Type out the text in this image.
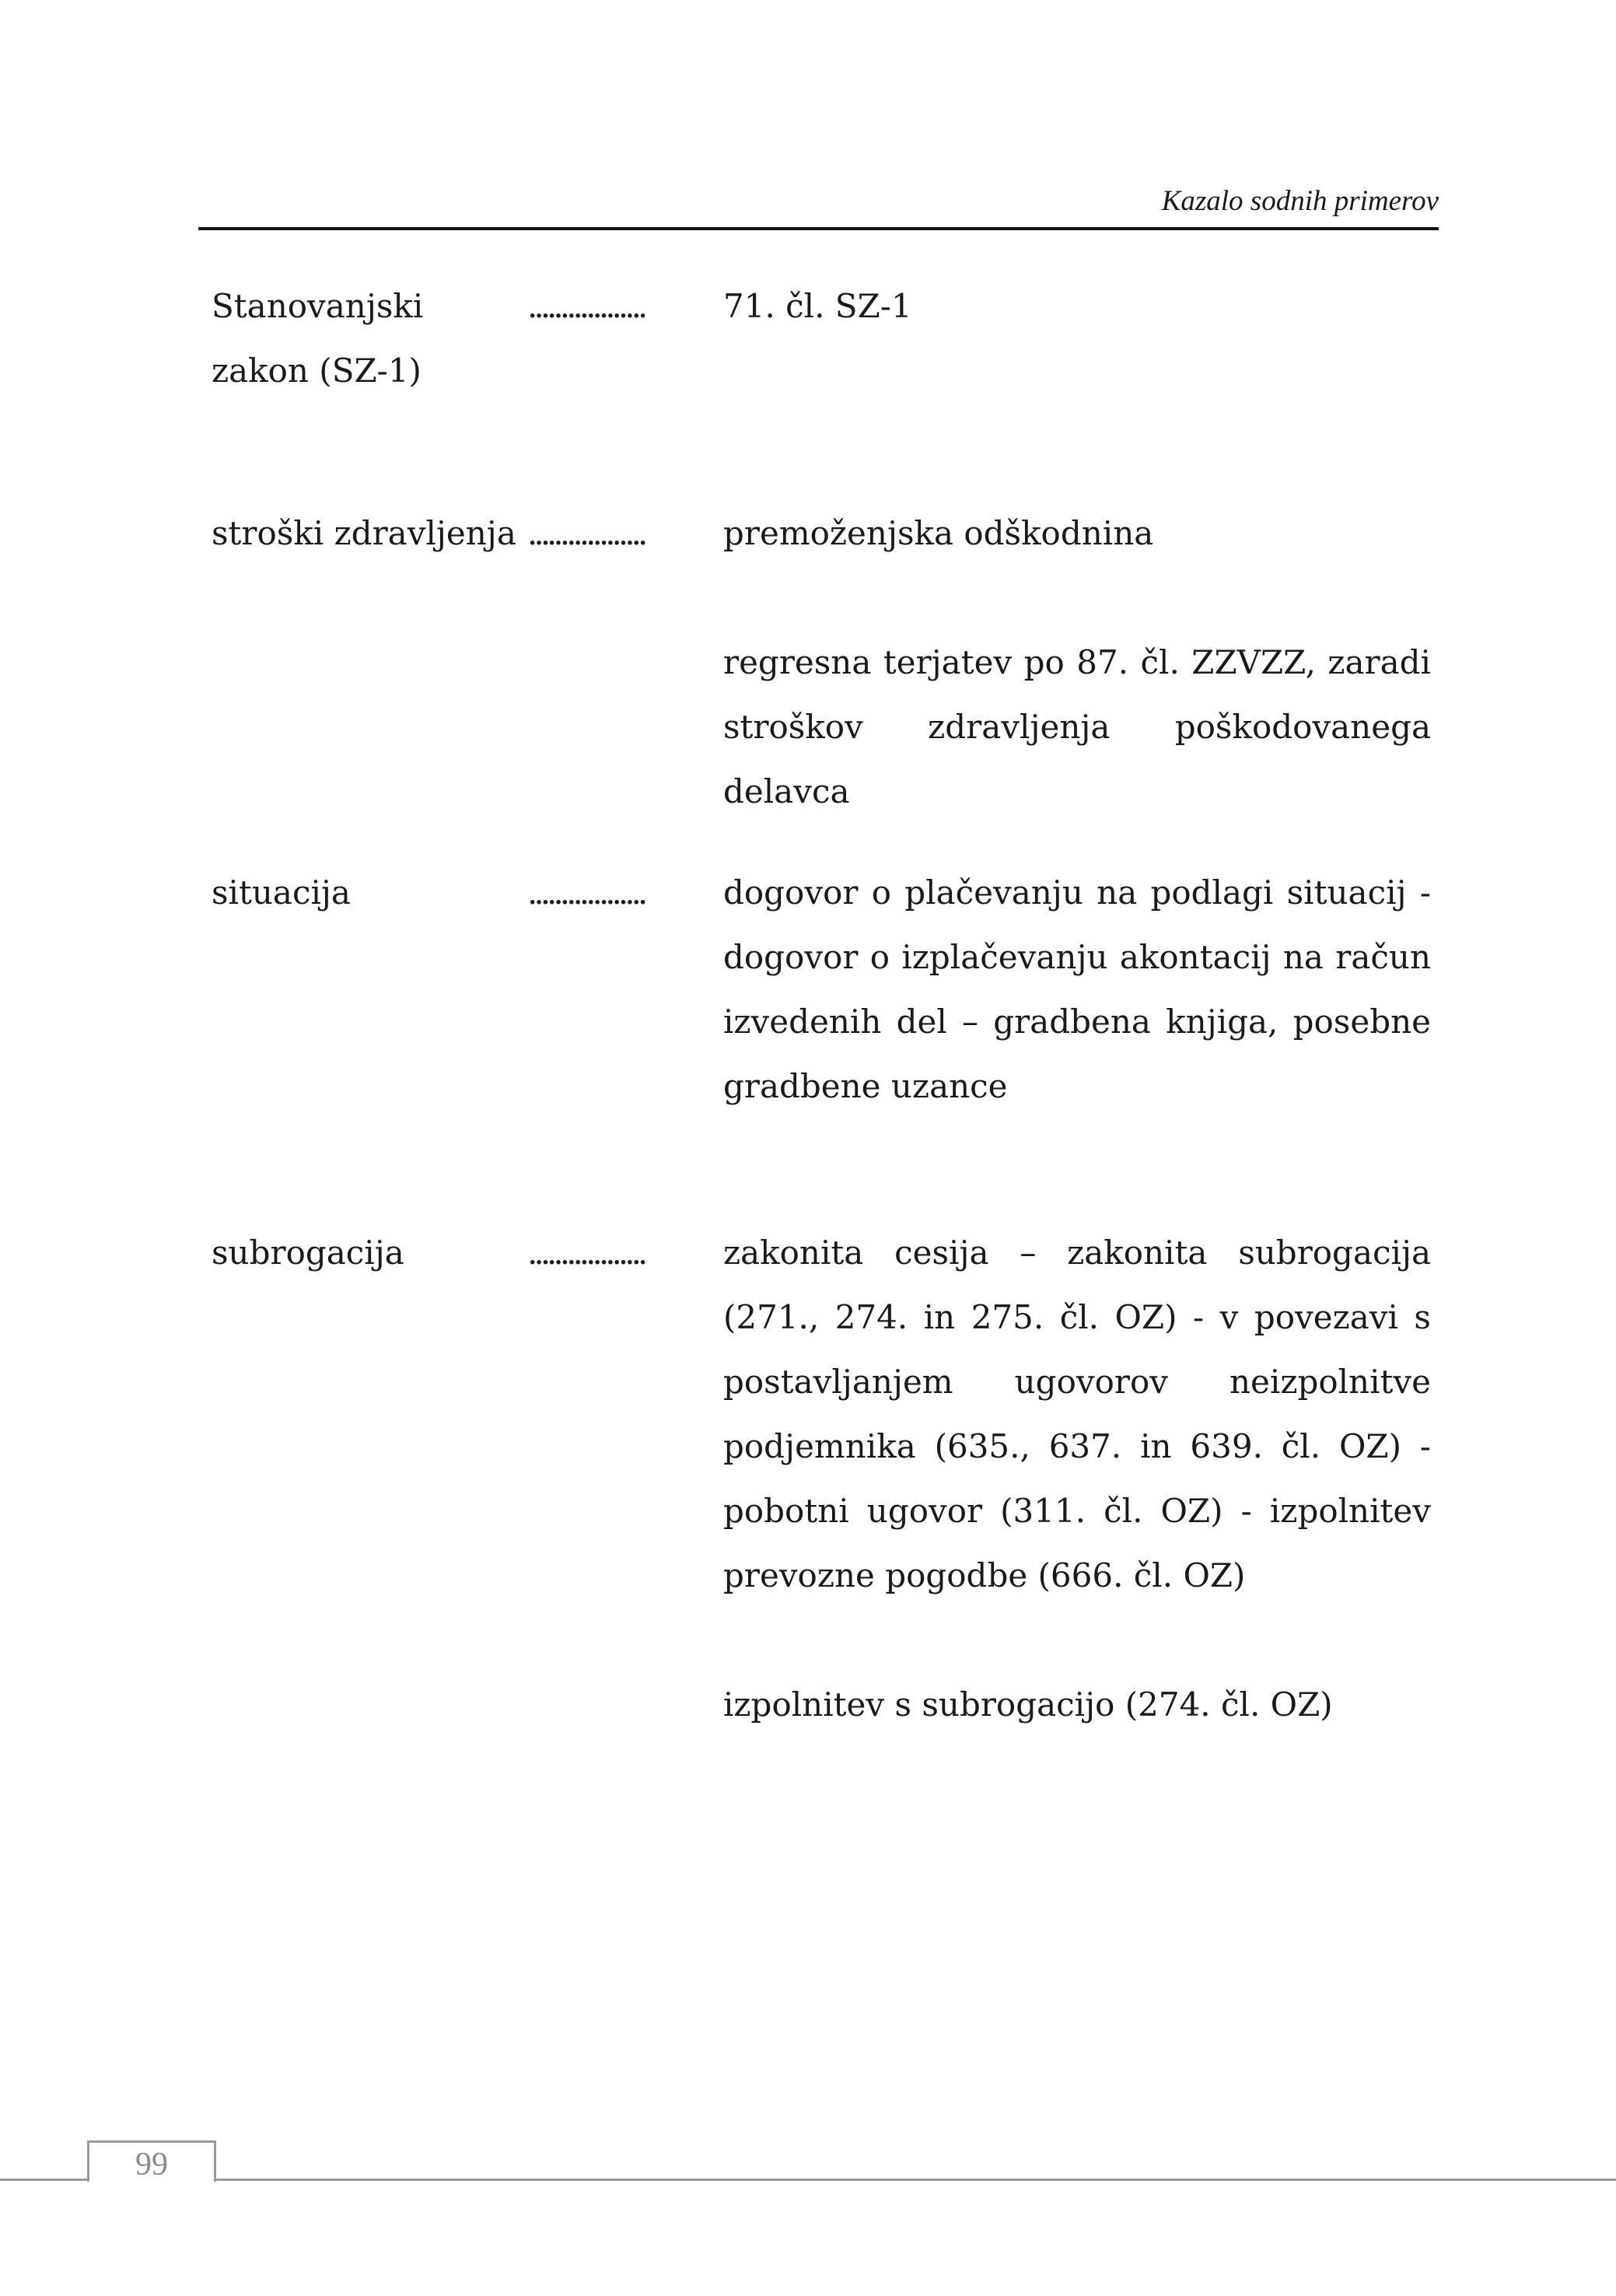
Kazalo sodnih primerov
Stanovanjski zakon (SZ-1)
.................. 71. čl. SZ-1
stroški zdravljenja .................. premoženjska odškodnina
regresna terjatev po 87. čl. ZZVZZ, zaradi stroškov zdravljenja poškodovanega delavca
situacija	.................. dogovor o plačevanju na podlagi situacij - dogovor o izplačevanju akontacij na račun izvedenih del – gradbena knjiga, posebne gradbene uzance
subrogacija	.................. zakonita cesija – zakonita subrogacija (271., 274. in 275. čl. OZ) - v povezavi s postavljanjem ugovorov neizpolnitve podjemnika (635., 637. in 639. čl. OZ) - pobotni ugovor (311. čl. OZ) - izpolnitev prevozne pogodbe (666. čl. OZ)
izpolnitev s subrogacijo (274. čl. OZ)
99
